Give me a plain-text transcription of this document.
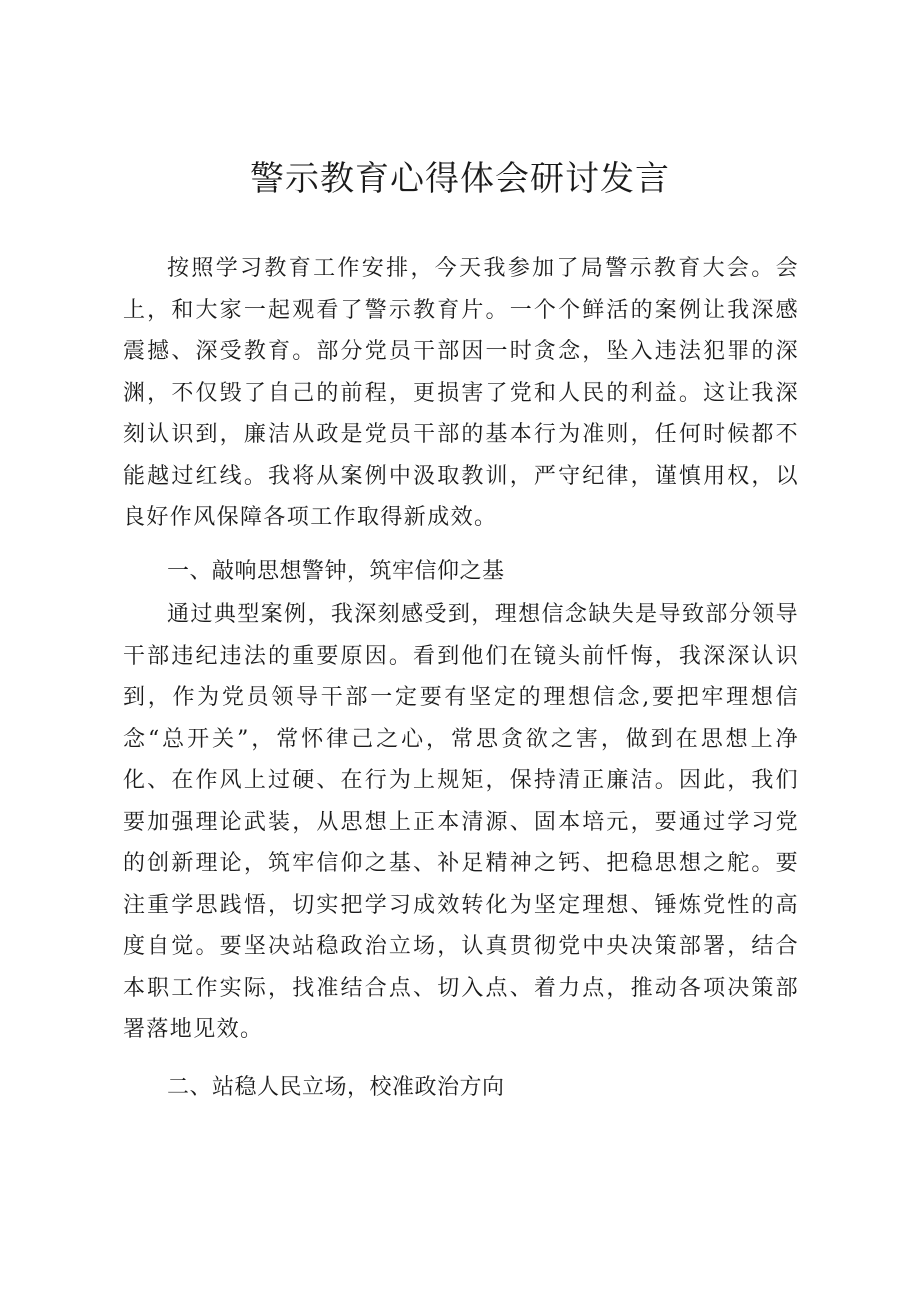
警示教育心得体会研讨发言

按照学习教育工作安排，今天我参加了局警示教育大会。会上，和大家一起观看了警示教育片。一个个鲜活的案例让我深感震撼、深受教育。部分党员干部因一时贪念，坠入违法犯罪的深渊，不仅毁了自己的前程，更损害了党和人民的利益。这让我深刻认识到，廉洁从政是党员干部的基本行为准则，任何时候都不能越过红线。我将从案例中汲取教训，严守纪律，谨慎用权，以良好作风保障各项工作取得新成效。

一、敲响思想警钟，筑牢信仰之基

通过典型案例，我深刻感受到，理想信念缺失是导致部分领导干部违纪违法的重要原因。看到他们在镜头前忏悔，我深深认识到，作为党员领导干部一定要有坚定的理想信念,要把牢理想信念“总开关”，常怀律己之心，常思贪欲之害，做到在思想上净化、在作风上过硬、在行为上规矩，保持清正廉洁。因此，我们要加强理论武装，从思想上正本清源、固本培元，要通过学习党的创新理论，筑牢信仰之基、补足精神之钙、把稳思想之舵。要注重学思践悟，切实把学习成效转化为坚定理想、锤炼党性的高度自觉。要坚决站稳政治立场，认真贯彻党中央决策部署，结合本职工作实际，找准结合点、切入点、着力点，推动各项决策部署落地见效。

二、站稳人民立场，校准政治方向
